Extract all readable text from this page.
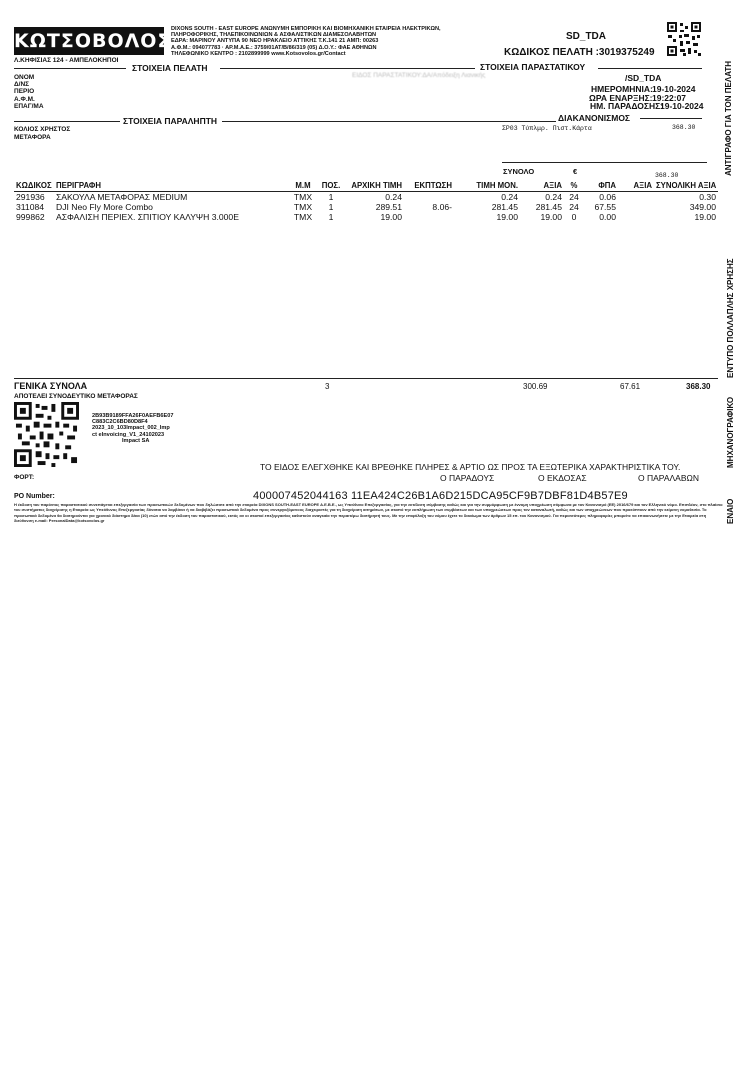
ΚΩΤΣΟΒΟΛΟΣ
Λ.ΚΗΦΙΣΙΑΣ 124 - ΑΜΠΕΛΟΚΗΠΟΙ
DIXONS SOUTH - EAST EUROPE ΑΝΩΝΥΜΗ ΕΜΠΟΡΙΚΗ ΚΑΙ ΒΙΟΜΗΧΑΝΙΚΗ ΕΤΑΙΡΕΙΑ ΗΛΕΚΤΡΙΚΩΝ,
ΠΛΗΡΟΦΟΡΙΚΗΣ, ΤΗΛΕΠΙΚΟΙΝΩΝΙΩΝ & ΑΣΦΑΛΙΣΤΙΚΩΝ ΔΙΑΜΕΣΟΛΑΒΗΤΩΝ
ΕΔΡΑ: ΜΑΡΙΝΟΥ ΑΝΤΥΠΑ 90 ΝΕΟ ΗΡΑΚΛΕΙΟ ΑΤΤΙΚΗΣ Τ.Κ.141 21 ΑΜΠ: 00263
Α.Φ.Μ.: 094077783 · ΑΡ.Μ.Α.Ε.: 3759/01ΑΤ/Β/86/319 (05) Δ.Ο.Υ.: ΦΑΕ ΑΘΗΝΩΝ
ΤΗΛΕΦΩΝΙΚΟ ΚΕΝΤΡΟ : 2102899999 www.Kotsovolos.gr/Contact
SD_TDA
ΚΩΔΙΚΟΣ ΠΕΛΑΤΗ :3019375249
ΣΤΟΙΧΕΙΑ ΠΕΛΑΤΗ	ΣΤΟΙΧΕΙΑ ΠΑΡΑΣΤΑΤΙΚΟΥ
ΟΝΟΜ
Δ/ΝΣ
ΠΕΡΙΟ
Α.Φ.Μ.
ΕΠΑΓ/ΜΑ
ΕΙΔΟΣ ΠΑΡΑΣΤΑΤΙΚΟΥ:ΔΑ/Απόδειξη Λιανικής	/SD_TDA
ΗΜΕΡΟΜΗΝΙΑ: 19-10-2024
ΩΡΑ ΕΝΑΡΞΗΣ: 19:22:07
ΗΜ. ΠΑΡΑΔΟΣΗΣ:
19-10-2024
ΣΤΟΙΧΕΙΑ ΠΑΡΑΛΗΠΤΗ	ΔΙΑΚΑΝΟΝΙΣΜΟΣ
ΚΟΛΙΟΣ ΧΡΗΣΤΟΣ
ΜΕΤΑΦΟΡΑ
ΣΡ03 Τύπλμρ. Πιστ.Κάρτα	368.30
ΣΥΝΟΛΟ	€	368.30
ΚΩΔΙΚΟΣ	ΠΕΡΙΓΡΑΦΗ	Μ.Μ	ΠΟΣ.	ΑΡΧΙΚΗ ΤΙΜΗ	ΕΚΠΤΩΣΗ	ΤΙΜΗ ΜΟΝ.	ΑΞΙΑ	%	ΦΠΑ	ΑΞΙΑ	ΣΥΝΟΛΙΚΗ ΑΞΙΑ
291936	ΣΑΚΟΥΛΑ ΜΕΤΑΦΟΡΑΣ MEDIUM	ΤΜΧ	1	0.24		0.24	0.24	24	0.06		0.30
311084	DJI Neo Fly More Combo	ΤΜΧ	1	289.51	8.06-	281.45	281.45	24	67.55		349.00
999862	ΑΣΦΑΛΙΣΗ ΠΕΡΙΕΧ. ΣΠΙΤΙΟΥ ΚΑΛΥΨΗ 3.000E	ΤΜΧ	1	19.00		19.00	19.00	0	0.00		19.00
ΑΝΤΙΓΡΑΦΟ ΓΙΑ ΤΟΝ ΠΕΛΑΤΗ
ΕΝΤΥΠΟ ΠΟΛΛΑΠΛΗΣ ΧΡΗΣΗΣ
ΜΗΧΑΝΟΓΡΑΦΙΚΟ
ΕΝΑΙΟ
ΓΕΝΙΚΑ ΣΥΝΟΛΑ	3	300.69	67.61	368.30
ΑΠΟΤΕΛΕΙ ΣΥΝΟΔΕΥΤΙΚΟ ΜΕΤΑΦΟΡΑΣ
2B93B9189FFA26F0AEFB6E07
C883C2C6BD80D8F4
2023_10_103Impact_002_Imp
ct eInvoicing_V1_24102023
Impact SA
ΦΟΡΤ:
ΤΟ ΕΙΔΟΣ ΕΛΕΓΧΘΗΚΕ ΚΑΙ ΒΡΕΘΗΚΕ ΠΛΗΡΕΣ & ΑΡΤΙΟ ΩΣ ΠΡΟΣ ΤΑ ΕΞΩΤΕΡΙΚΑ ΧΑΡΑΚΤΗΡΙΣΤΙΚΑ ΤΟΥ.
Ο ΠΑΡΑΔΟΥΣ	Ο ΕΚΔΟΣΑΣ	Ο ΠΑΡΑΛΑΒΩΝ
PO Number:	400007452044163 11EA424C26B1A6D215DCA95CF9B7DBF81D4B57E9
Η έκδοση του παρόντος παραστατικού συνεπάγεται επεξεργασία των προσωπικών δεδομένων που δηλώσατε από την εταιρεία DIXONS SOUTH-EAST EUROPE Α.Ε.Β.Ε., ως Υπεύθυνο Επεξεργασίας, για την εκτέλεση σύμβασης καθώς και για την συμμόρφωση με έννομη υποχρέωση σύμφωνα με τον Κανονισμό (ΕΕ) 2016/679 και τον Ελληνικό νόμο. Επιπλέον, στο πλαίσιο του συστήματος διαχείρισης η Εταιρεία ως Υπεύθυνος Επεξεργασίας δύναται να λαμβάνει ή να διαβιβάζει προσωπικά δεδομένα προς συνεργαζόμενους διαχειριστές για τη διαχείριση αιτημάτων, με σκοπό την εκπλήρωση των συμβάσεων και των υποχρεώσεων προς τον καταναλωτή, καθώς και των υποχρεώσεων που προκύπτουν από την κείμενη νομοθεσία. Το προσωπικά δεδομένα θα διατηρούνται για χρονικό διάστημα δέκα (10) ετών από την έκδοση του παραστατικού, εκτός αν οι σκοποί επεξεργασίας καθιστούν αναγκαία την περαιτέρω διατήρησή τους. Με την επιφύλαξη του νόμου έχετε το δικαίωμα των άρθρων 15 επ. του Κανονισμού. Για περισσότερες πληροφορίες μπορείτε να επικοινωνήσετε με την Εταιρεία στη διεύθυνση e-mail: PersonalData@kotsovolos.gr
